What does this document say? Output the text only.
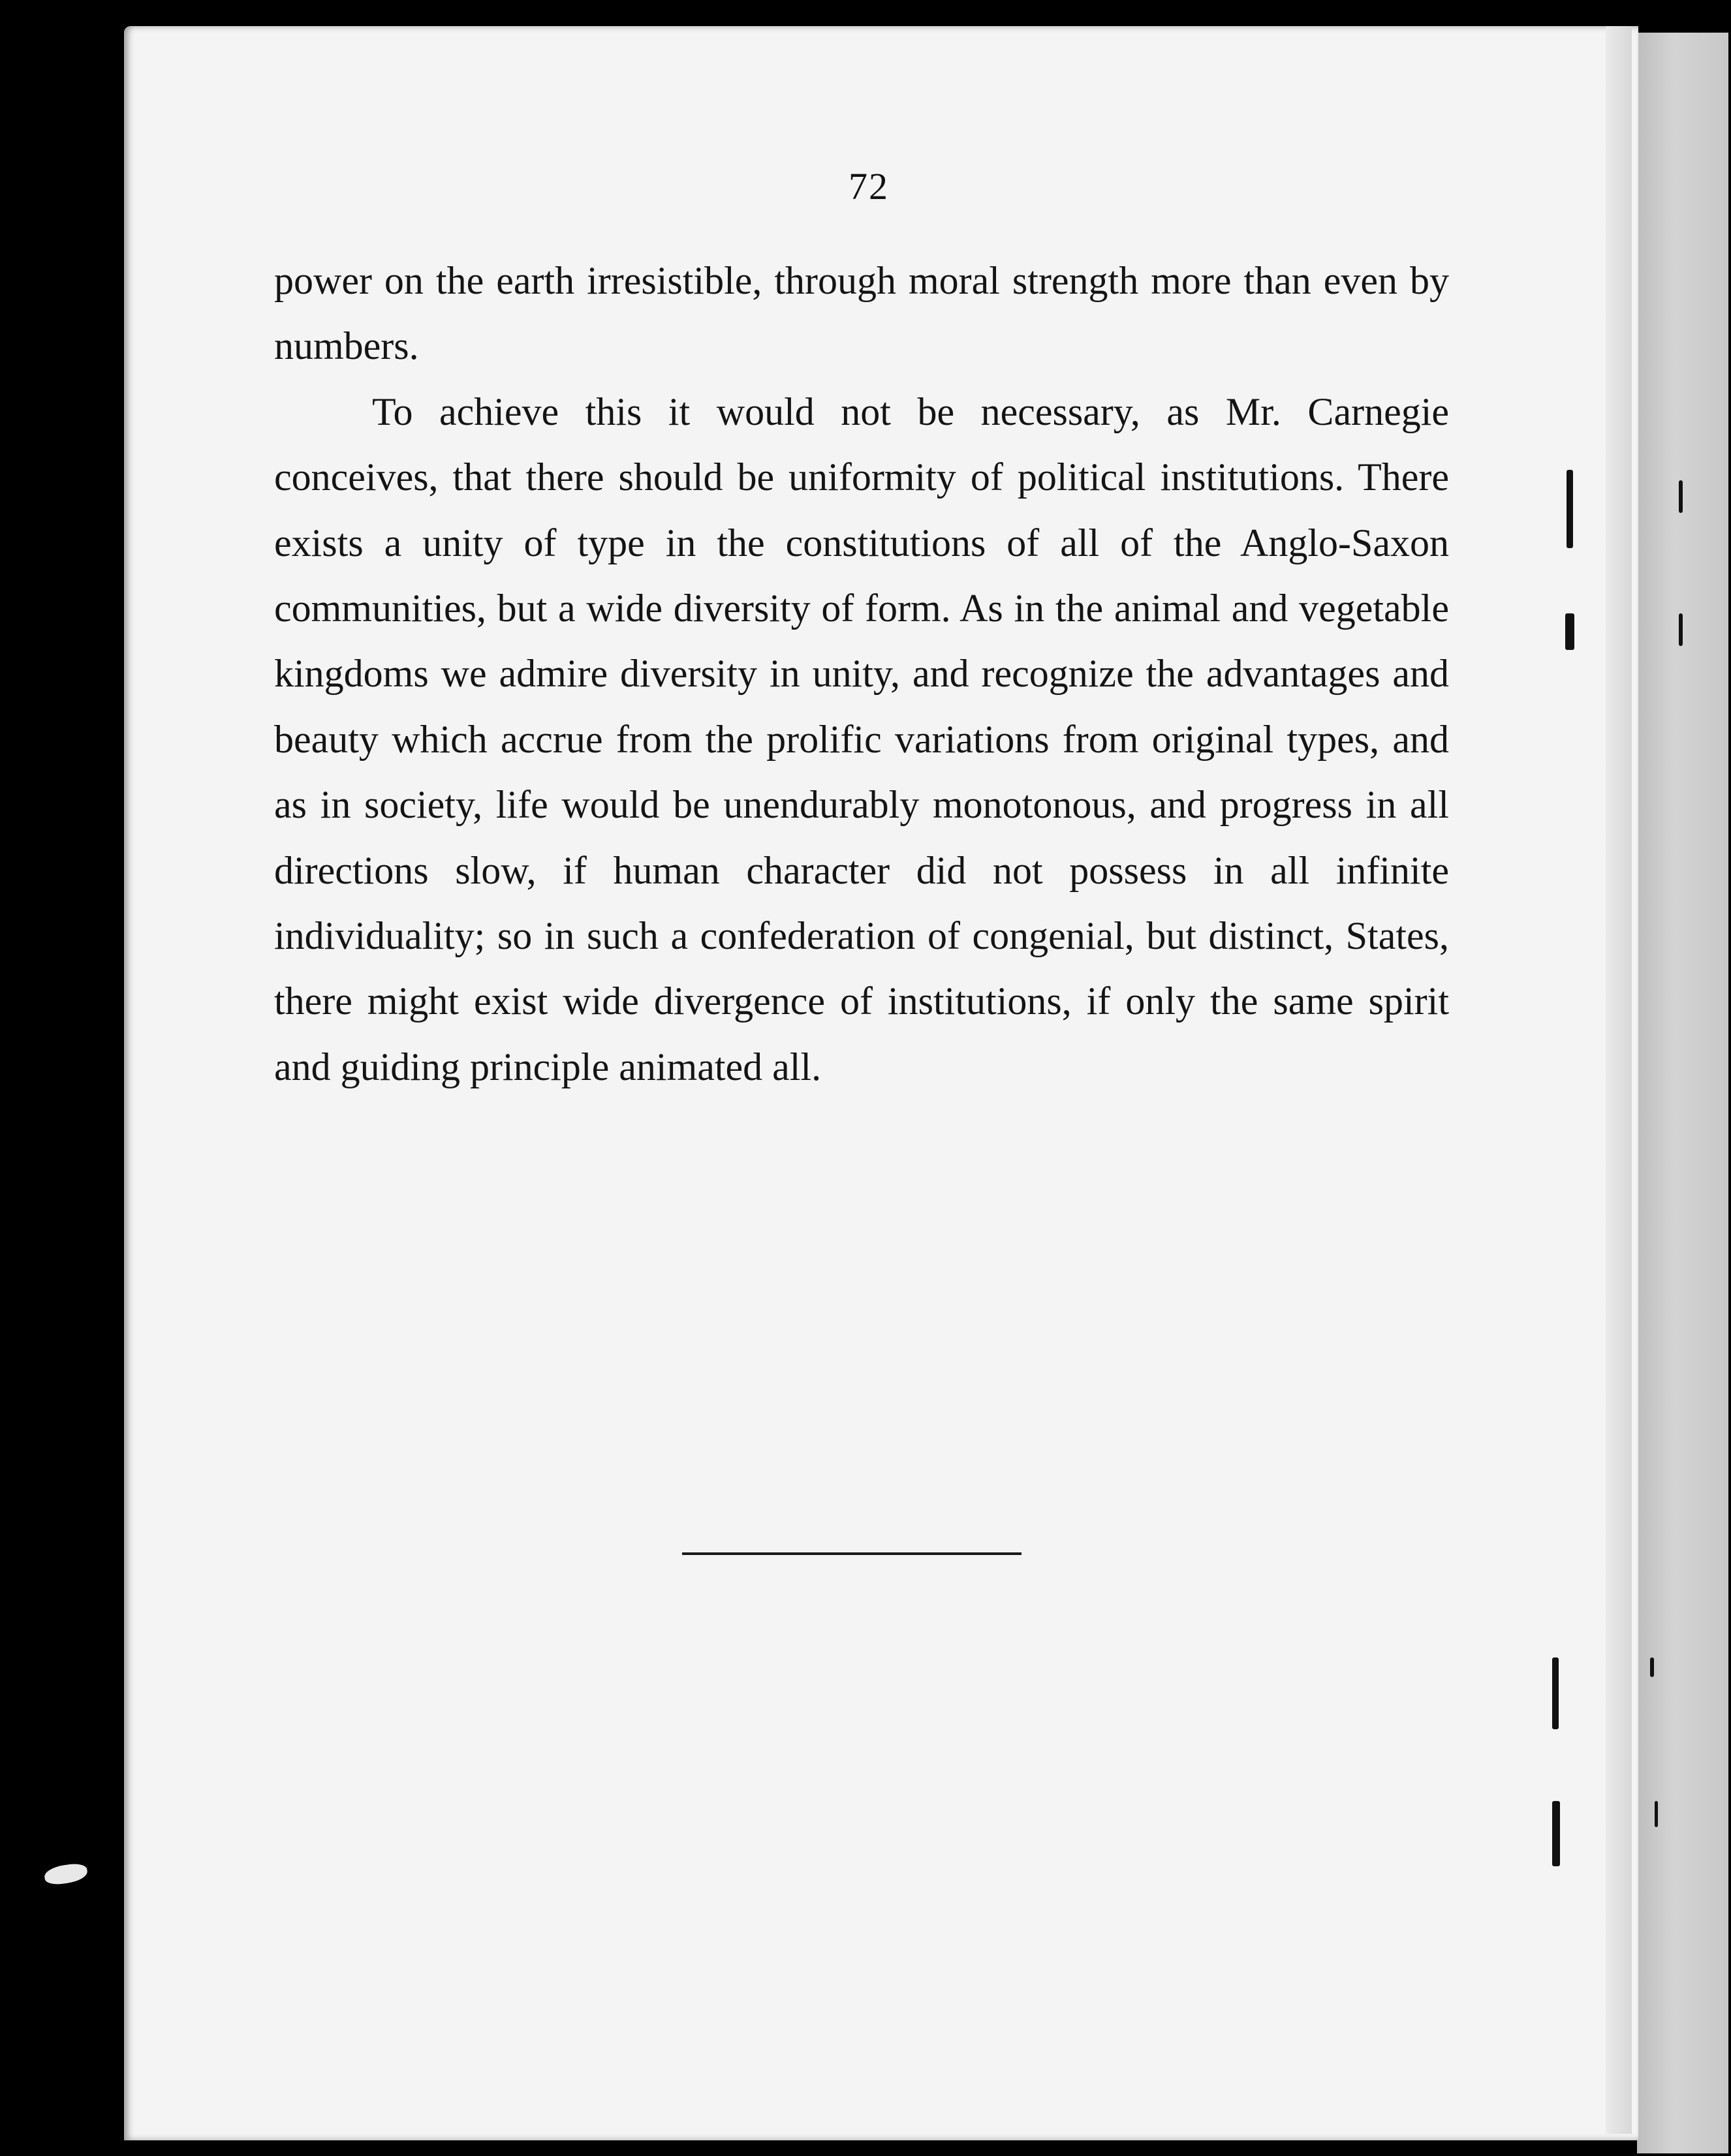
72

power on the earth irresistible, through moral strength more than even by numbers.

To achieve this it would not be necessary, as Mr. Carnegie conceives, that there should be uniformity of political institutions. There exists a unity of type in the constitutions of all of the Anglo-Saxon communities, but a wide diversity of form. As in the animal and vegetable kingdoms we admire diversity in unity, and recognize the advantages and beauty which accrue from the prolific variations from original types, and as in society, life would be unendurably monotonous, and progress in all directions slow, if human character did not possess in all infinite individuality; so in such a confederation of congenial, but distinct, States, there might exist wide divergence of institutions, if only the same spirit and guiding principle animated all.
